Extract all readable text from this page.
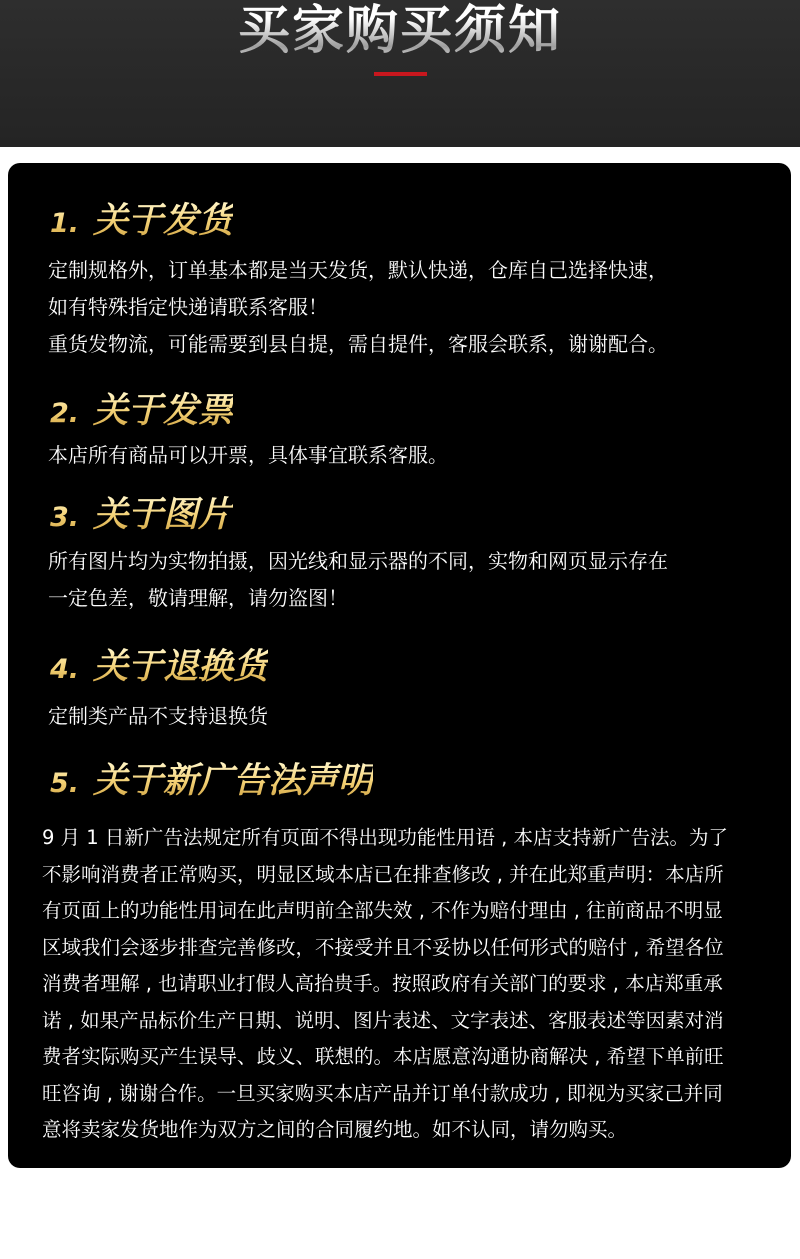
买家购买须知
1. 关于发货
定制规格外，订单基本都是当天发货，默认快递，仓库自己选择快速，
如有特殊指定快递请联系客服！
重货发物流，可能需要到县自提，需自提件，客服会联系，谢谢配合。
2. 关于发票
本店所有商品可以开票，具体事宜联系客服。
3. 关于图片
所有图片均为实物拍摄，因光线和显示器的不同，实物和网页显示存在
一定色差，敬请理解，请勿盗图！
4. 关于退换货
定制类产品不支持退换货
5. 关于新广告法声明
9 月 1 日新广告法规定所有页面不得出现功能性用语 , 本店支持新广告法。为了
不影响消费者正常购买，明显区域本店已在排查修改 , 并在此郑重声明：本店所
有页面上的功能性用词在此声明前全部失效 , 不作为赔付理由 , 往前商品不明显
区域我们会逐步排查完善修改，不接受并且不妥协以任何形式的赔付 , 希望各位
消费者理解 , 也请职业打假人高抬贵手。按照政府有关部门的要求 , 本店郑重承
诺 , 如果产品标价生产日期、说明、图片表述、文字表述、客服表述等因素对消
费者实际购买产生误导、歧义、联想的。本店愿意沟通协商解决 , 希望下单前旺
旺咨询 , 谢谢合作。一旦买家购买本店产品并订单付款成功 , 即视为买家己并同
意将卖家发货地作为双方之间的合同履约地。如不认同，请勿购买。
